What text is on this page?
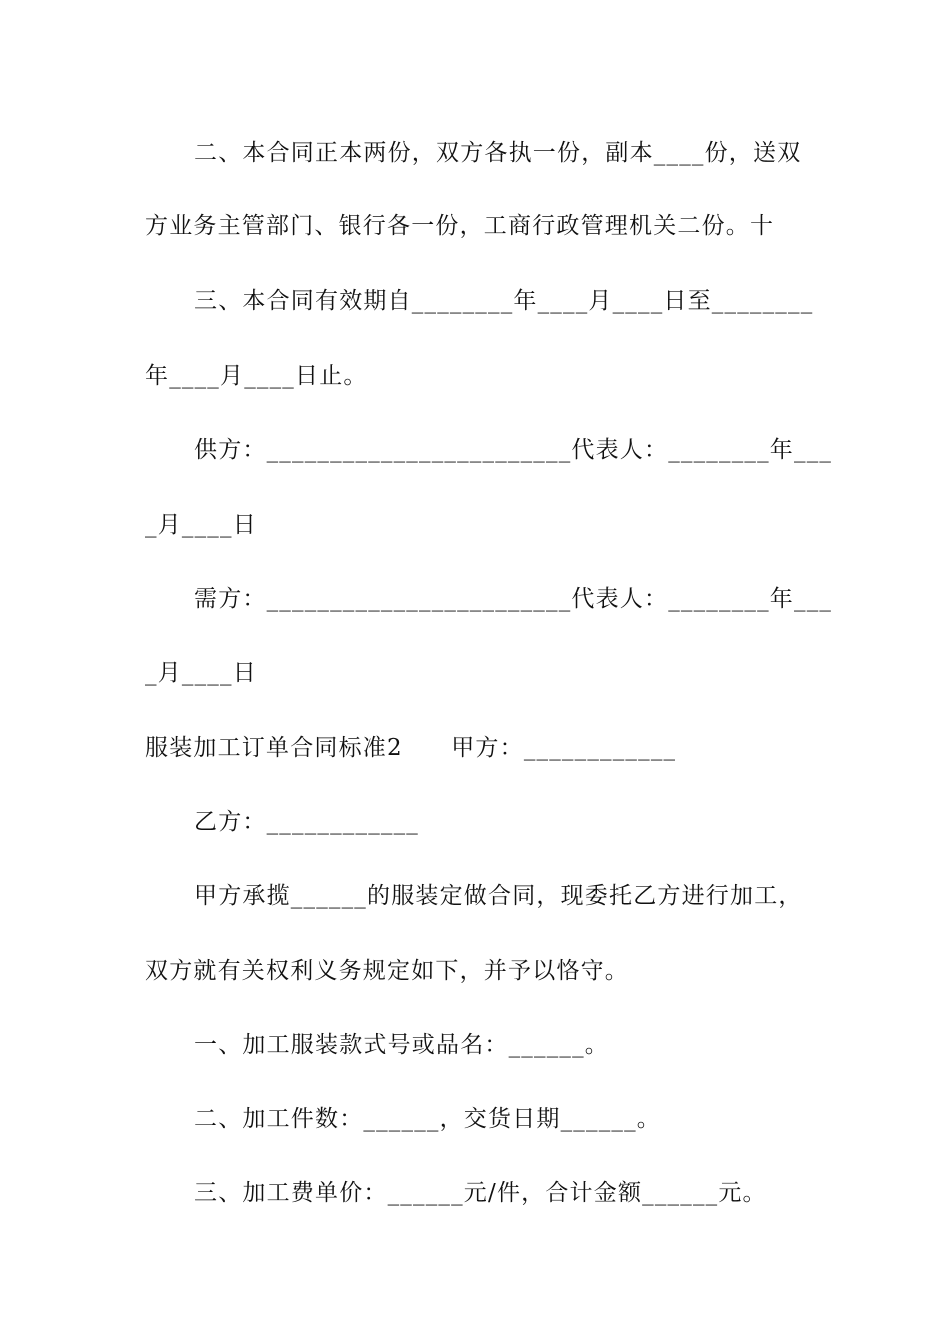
二、本合同正本两份，双方各执一份，副本____份，送双
方业务主管部门、银行各一份，工商行政管理机关二份。十
三、本合同有效期自________年____月____日至________
年____月____日止。
供方：________________________代表人：________年___
_月____日
需方：________________________代表人：________年___
_月____日
服装加工订单合同标准2　　甲方：____________
乙方：____________
甲方承揽______的服装定做合同，现委托乙方进行加工，
双方就有关权利义务规定如下，并予以恪守。
一、加工服装款式号或品名：______。
二、加工件数：______，交货日期______。
三、加工费单价：______元/件，合计金额______元。
